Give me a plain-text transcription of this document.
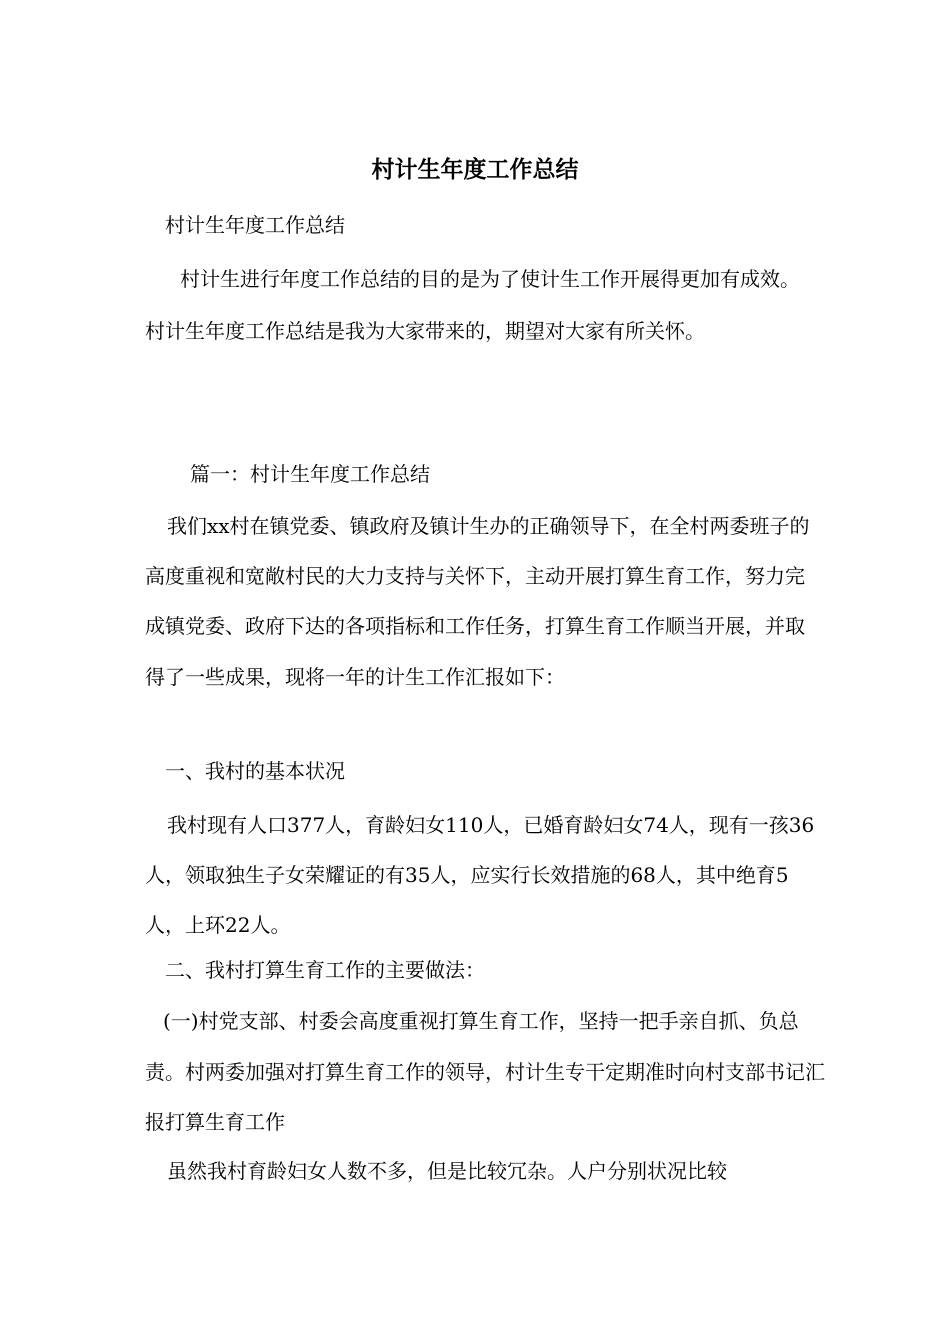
村计生年度工作总结

村计生年度工作总结

村计生进行年度工作总结的目的是为了使计生工作开展得更加有成效。村计生年度工作总结是我为大家带来的，期望对大家有所关怀。

篇一：村计生年度工作总结

我们xx村在镇党委、镇政府及镇计生办的正确领导下，在全村两委班子的高度重视和宽敞村民的大力支持与关怀下，主动开展打算生育工作，努力完成镇党委、政府下达的各项指标和工作任务，打算生育工作顺当开展，并取得了一些成果，现将一年的计生工作汇报如下：

一、我村的基本状况

我村现有人口377人，育龄妇女110人，已婚育龄妇女74人，现有一孩36人，领取独生子女荣耀证的有35人，应实行长效措施的68人，其中绝育5人，上环22人。

二、我村打算生育工作的主要做法：

(一)村党支部、村委会高度重视打算生育工作，坚持一把手亲自抓、负总责。村两委加强对打算生育工作的领导，村计生专干定期准时向村支部书记汇报打算生育工作

虽然我村育龄妇女人数不多，但是比较冗杂。人户分别状况比较
